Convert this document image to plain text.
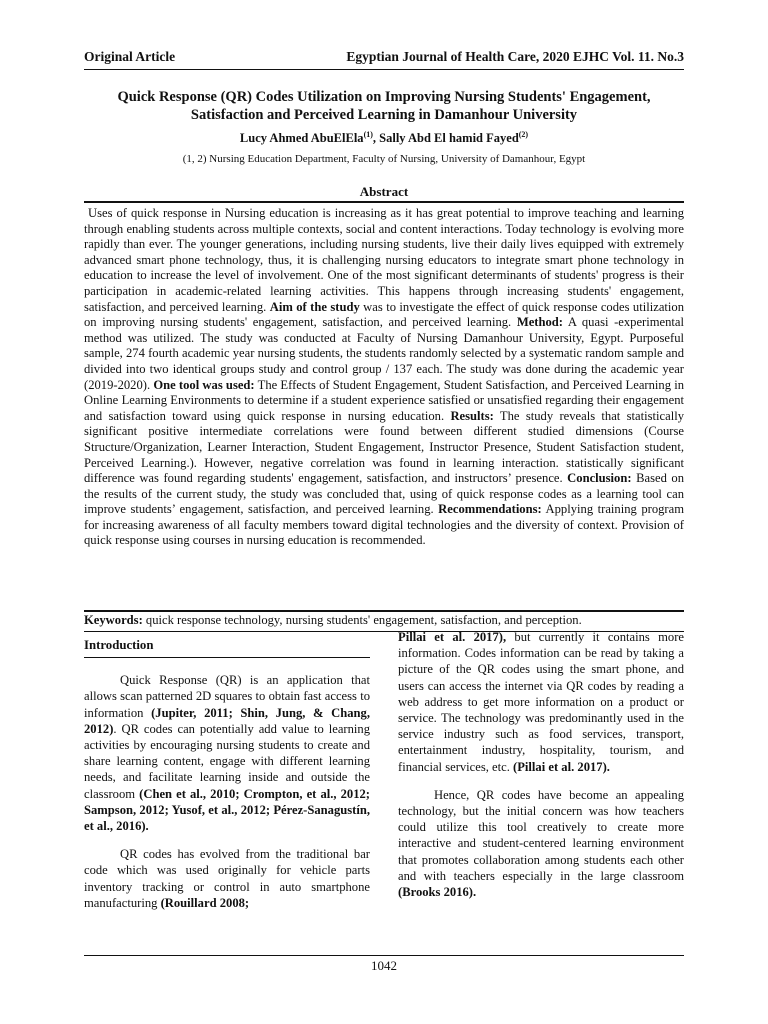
Original Article	Egyptian Journal of Health Care, 2020 EJHC Vol. 11. No.3
Quick Response (QR) Codes Utilization on Improving Nursing Students' Engagement,
Satisfaction and Perceived Learning in Damanhour University
Lucy Ahmed AbuElEla$^{(1)}$, Sally Abd El hamid Fayed$^{(2)}$
(1, 2) Nursing Education Department, Faculty of Nursing, University of Damanhour, Egypt
Abstract
Uses of quick response in Nursing education is increasing as it has great potential to improve teaching and learning through enabling students across multiple contexts, social and content interactions. Today technology is evolving more rapidly than ever. The younger generations, including nursing students, live their daily lives equipped with extremely advanced smart phone technology, thus, it is challenging nursing educators to integrate smart phone technology in education to increase the level of involvement. One of the most significant determinants of students' progress is their participation in academic-related learning activities. This happens through increasing students' engagement, satisfaction, and perceived learning. Aim of the study was to investigate the effect of quick response codes utilization on improving nursing students' engagement, satisfaction, and perceived learning. Method: A quasi -experimental method was utilized. The study was conducted at Faculty of Nursing Damanhour University, Egypt. Purposeful sample, 274 fourth academic year nursing students, the students randomly selected by a systematic random sample and divided into two identical groups study and control group / 137 each. The study was done during the academic year (2019-2020). One tool was used: The Effects of Student Engagement, Student Satisfaction, and Perceived Learning in Online Learning Environments to determine if a student experience satisfied or unsatisfied regarding their engagement and satisfaction toward using quick response in nursing education. Results: The study reveals that statistically significant positive intermediate correlations were found between different studied dimensions (Course Structure/Organization, Learner Interaction, Student Engagement, Instructor Presence, Student Satisfaction student, Perceived Learning.). However, negative correlation was found in learning interaction. statistically significant difference was found regarding students' engagement, satisfaction, and instructors’ presence. Conclusion: Based on the results of the current study, the study was concluded that, using of quick response codes as a learning tool can improve students’ engagement, satisfaction, and perceived learning. Recommendations: Applying training program for increasing awareness of all faculty members toward digital technologies and the diversity of context. Provision of quick response using courses in nursing education is recommended.
Keywords: quick response technology, nursing students' engagement, satisfaction, and perception.
Introduction

Quick Response (QR) is an application that allows scan patterned 2D squares to obtain fast access to information (Jupiter, 2011; Shin, Jung, & Chang, 2012). QR codes can potentially add value to learning activities by encouraging nursing students to create and share learning content, engage with different learning needs, and facilitate learning inside and outside the classroom (Chen et al., 2010; Crompton, et al., 2012; Sampson, 2012; Yusof, et al., 2012; Pérez-Sanagustín, et al., 2016).

QR codes has evolved from the traditional bar code which was used originally for vehicle parts inventory tracking or control in auto smartphone manufacturing (Rouillard 2008;

Pillai et al. 2017), but currently it contains more information. Codes information can be read by taking a picture of the QR codes using the smart phone, and users can access the internet via QR codes by reading a web address to get more information on a product or service. The technology was predominantly used in the service industry such as food services, transport, entertainment industry, hospitality, tourism, and financial services, etc. (Pillai et al. 2017).

Hence, QR codes have become an appealing technology, but the initial concern was how teachers could utilize this tool creatively to create more interactive and student-centered learning environment that promotes collaboration among students each other and with teachers especially in the large classroom (Brooks 2016).

1042
